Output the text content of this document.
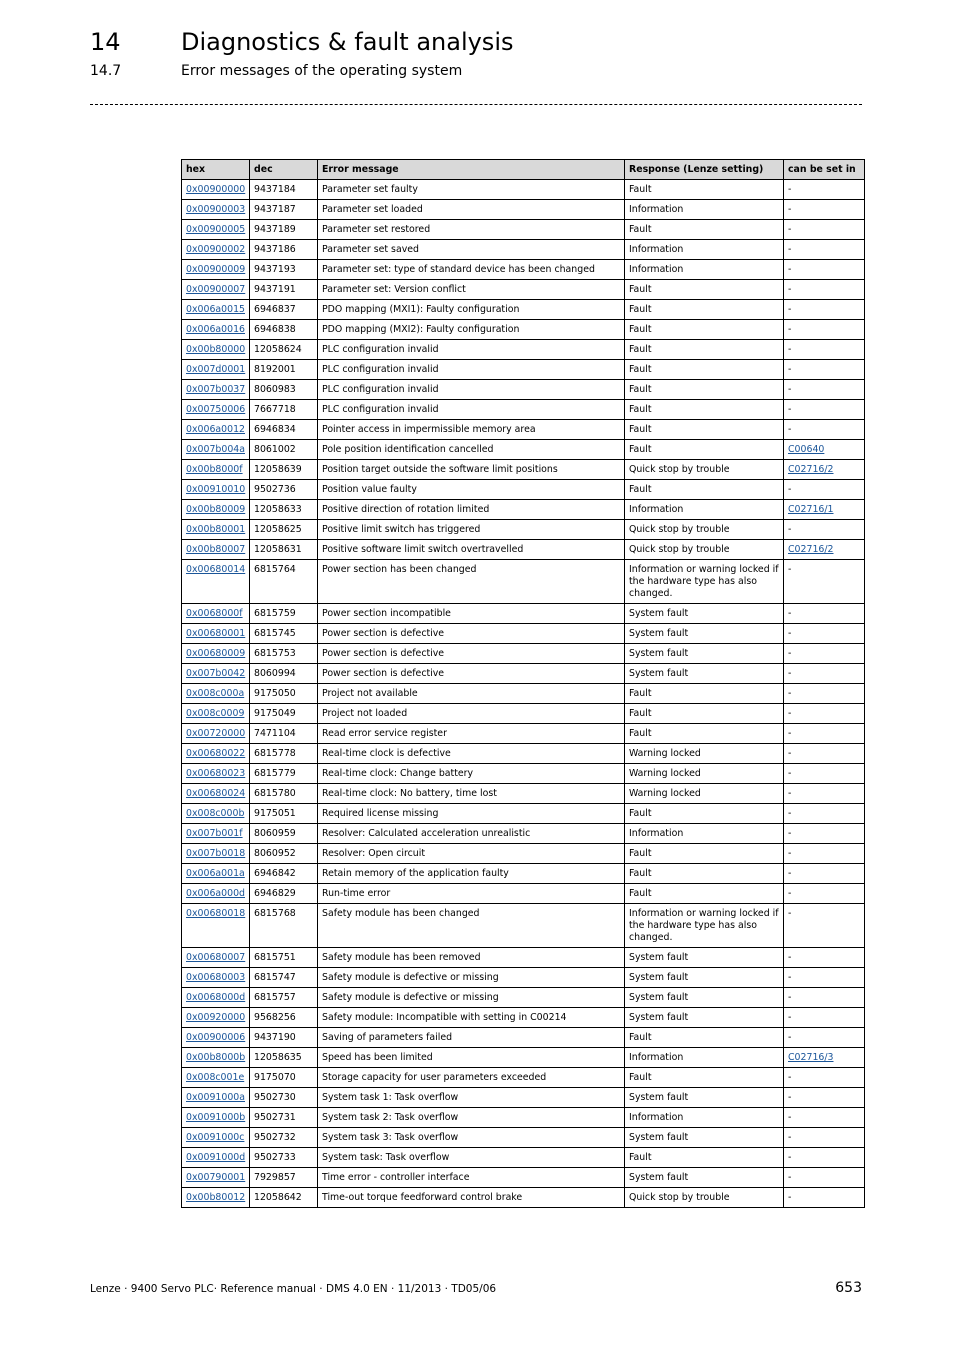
14	Diagnostics & fault analysis
14.7	Error messages of the operating system
hex	dec	Error message	Response (Lenze setting)	can be set in
0x00900000	9437184	Parameter set faulty	Fault	-
0x00900003	9437187	Parameter set loaded	Information	-
0x00900005	9437189	Parameter set restored	Fault	-
0x00900002	9437186	Parameter set saved	Information	-
0x00900009	9437193	Parameter set: type of standard device has been changed	Information	-
0x00900007	9437191	Parameter set: Version conflict	Fault	-
0x006a0015	6946837	PDO mapping (MXI1): Faulty configuration	Fault	-
0x006a0016	6946838	PDO mapping (MXI2): Faulty configuration	Fault	-
0x00b80000	12058624	PLC configuration invalid	Fault	-
0x007d0001	8192001	PLC configuration invalid	Fault	-
0x007b0037	8060983	PLC configuration invalid	Fault	-
0x00750006	7667718	PLC configuration invalid	Fault	-
0x006a0012	6946834	Pointer access in impermissible memory area	Fault	-
0x007b004a	8061002	Pole position identification cancelled	Fault	C00640
0x00b8000f	12058639	Position target outside the software limit positions	Quick stop by trouble	C02716/2
0x00910010	9502736	Position value faulty	Fault	-
0x00b80009	12058633	Positive direction of rotation limited	Information	C02716/1
0x00b80001	12058625	Positive limit switch has triggered	Quick stop by trouble	-
0x00b80007	12058631	Positive software limit switch overtravelled	Quick stop by trouble	C02716/2
0x00680014	6815764	Power section has been changed	Information or warning locked if the hardware type has also changed.	-
0x0068000f	6815759	Power section incompatible	System fault	-
0x00680001	6815745	Power section is defective	System fault	-
0x00680009	6815753	Power section is defective	System fault	-
0x007b0042	8060994	Power section is defective	System fault	-
0x008c000a	9175050	Project not available	Fault	-
0x008c0009	9175049	Project not loaded	Fault	-
0x00720000	7471104	Read error service register	Fault	-
0x00680022	6815778	Real-time clock is defective	Warning locked	-
0x00680023	6815779	Real-time clock: Change battery	Warning locked	-
0x00680024	6815780	Real-time clock: No battery, time lost	Warning locked	-
0x008c000b	9175051	Required license missing	Fault	-
0x007b001f	8060959	Resolver: Calculated acceleration unrealistic	Information	-
0x007b0018	8060952	Resolver: Open circuit	Fault	-
0x006a001a	6946842	Retain memory of the application faulty	Fault	-
0x006a000d	6946829	Run-time error	Fault	-
0x00680018	6815768	Safety module has been changed	Information or warning locked if the hardware type has also changed.	-
0x00680007	6815751	Safety module has been removed	System fault	-
0x00680003	6815747	Safety module is defective or missing	System fault	-
0x0068000d	6815757	Safety module is defective or missing	System fault	-
0x00920000	9568256	Safety module: Incompatible with setting in C00214	System fault	-
0x00900006	9437190	Saving of parameters failed	Fault	-
0x00b8000b	12058635	Speed has been limited	Information	C02716/3
0x008c001e	9175070	Storage capacity for user parameters exceeded	Fault	-
0x0091000a	9502730	System task 1: Task overflow	System fault	-
0x0091000b	9502731	System task 2: Task overflow	Information	-
0x0091000c	9502732	System task 3: Task overflow	System fault	-
0x0091000d	9502733	System task: Task overflow	Fault	-
0x00790001	7929857	Time error - controller interface	System fault	-
0x00b80012	12058642	Time-out torque feedforward control brake	Quick stop by trouble	-
Lenze · 9400 Servo PLC· Reference manual · DMS 4.0 EN · 11/2013 · TD05/06	653
